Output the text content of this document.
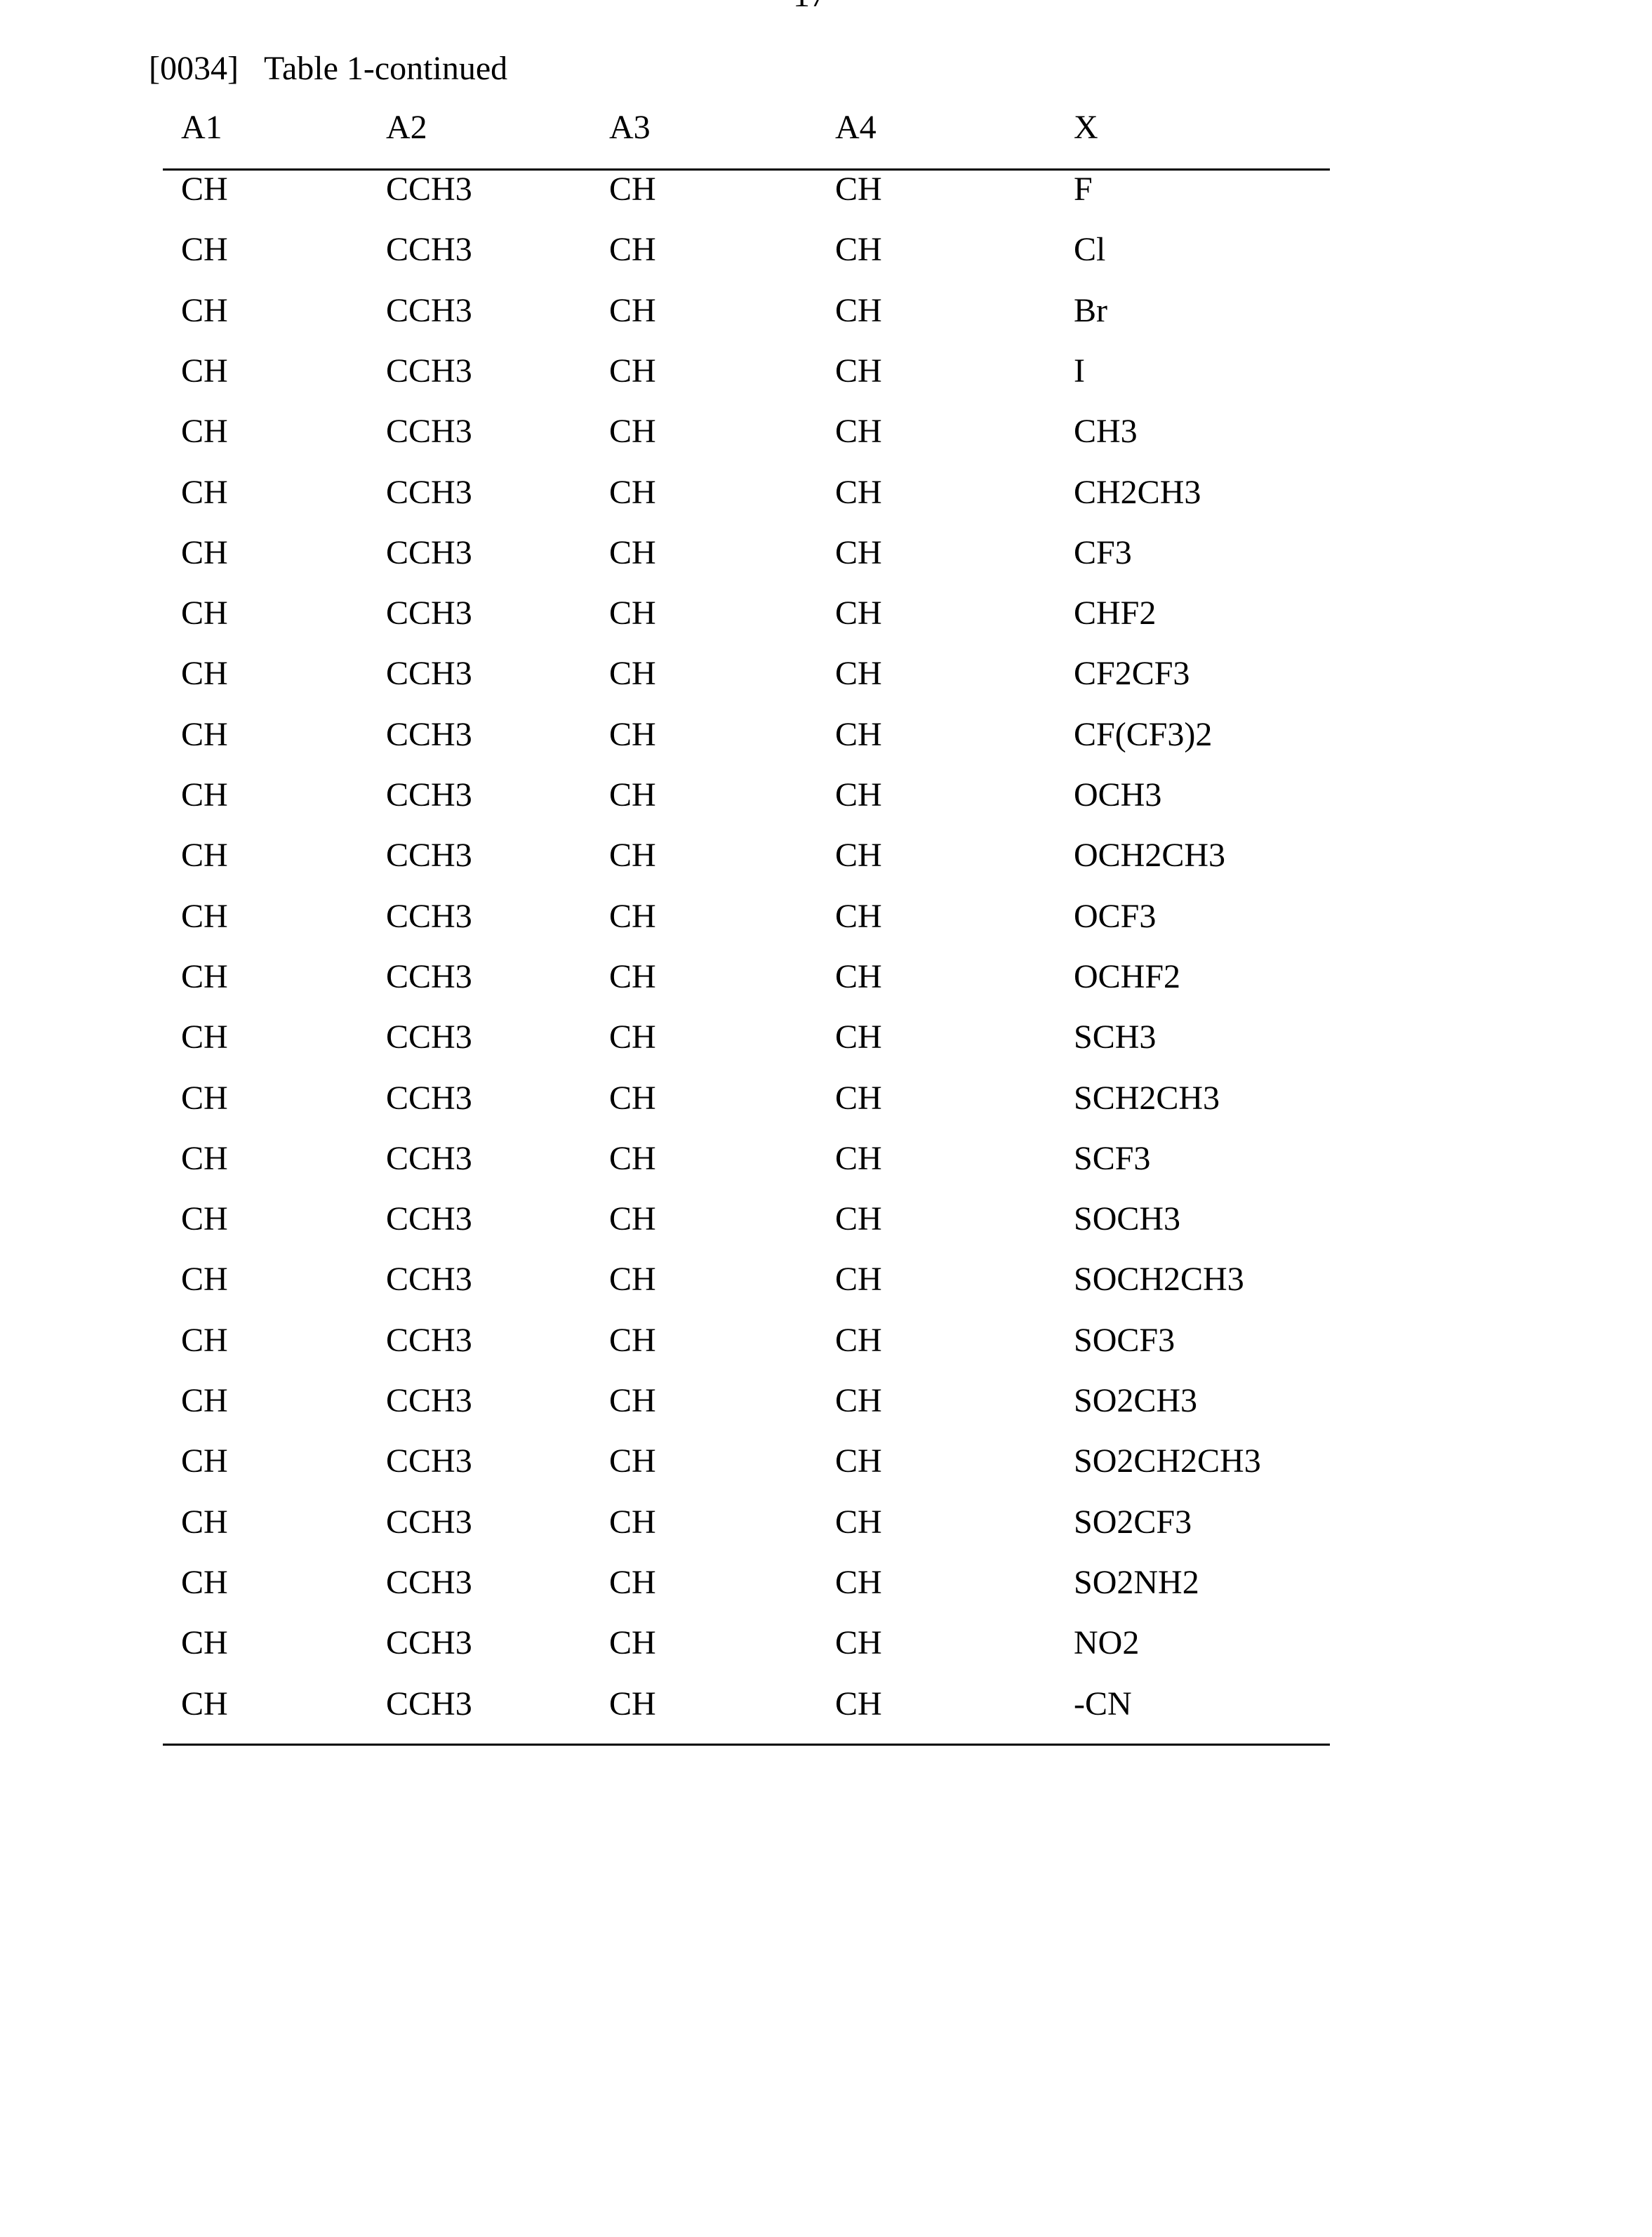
[0034] Table 1-continued
A1	A2	A3	A4	X
CH	CCH3	CH	CH	F
CH	CCH3	CH	CH	Cl
CH	CCH3	CH	CH	Br
CH	CCH3	CH	CH	I
CH	CCH3	CH	CH	CH3
CH	CCH3	CH	CH	CH2CH3
CH	CCH3	CH	CH	CF3
CH	CCH3	CH	CH	CHF2
CH	CCH3	CH	CH	CF2CF3
CH	CCH3	CH	CH	CF(CF3)2
CH	CCH3	CH	CH	OCH3
CH	CCH3	CH	CH	OCH2CH3
CH	CCH3	CH	CH	OCF3
CH	CCH3	CH	CH	OCHF2
CH	CCH3	CH	CH	SCH3
CH	CCH3	CH	CH	SCH2CH3
CH	CCH3	CH	CH	SCF3
CH	CCH3	CH	CH	SOCH3
CH	CCH3	CH	CH	SOCH2CH3
CH	CCH3	CH	CH	SOCF3
CH	CCH3	CH	CH	SO2CH3
CH	CCH3	CH	CH	SO2CH2CH3
CH	CCH3	CH	CH	SO2CF3
CH	CCH3	CH	CH	SO2NH2
CH	CCH3	CH	CH	NO2
CH	CCH3	CH	CH	-CN
